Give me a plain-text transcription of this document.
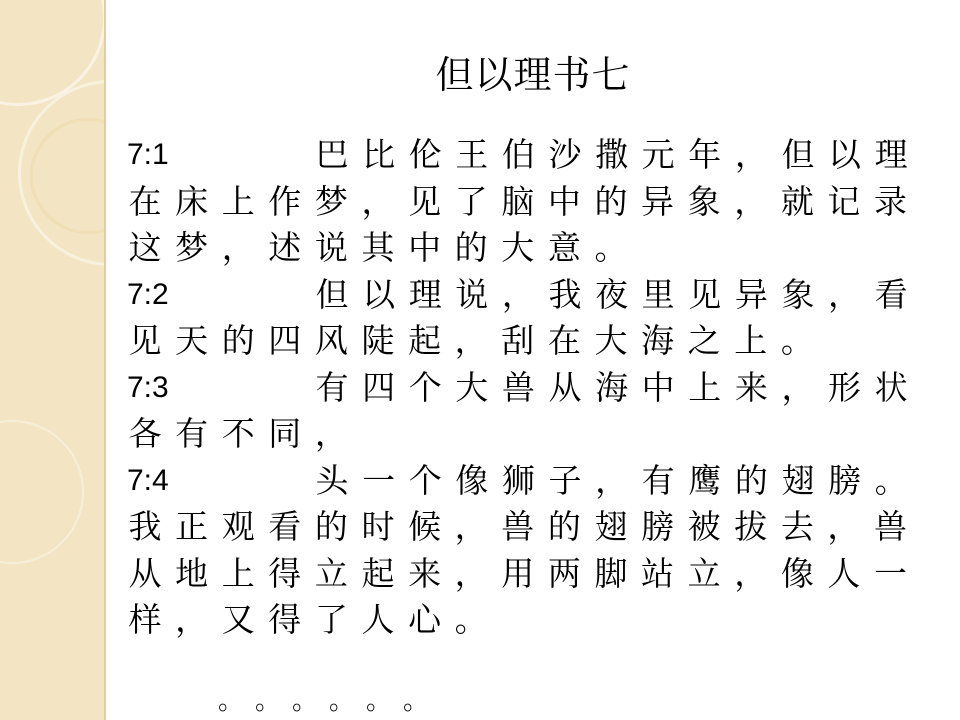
但以理书七
7:1	巴 比 伦 王 伯 沙 撒 元 年 ， 但 以 理
在 床 上 作 梦 ， 见 了 脑 中 的 异 象 ， 就 记 录
这 梦 ， 述 说 其 中 的 大 意 。
7:2	但 以 理 说 ， 我 夜 里 见 异 象 ， 看
见 天 的 四 风 陡 起 ， 刮 在 大 海 之 上 。
7:3	有 四 个 大 兽 从 海 中 上 来 ， 形 状
各 有 不 同 ，
7:4	头 一 个 像 狮 子 ， 有 鹰 的 翅 膀 。
我 正 观 看 的 时 候 ， 兽 的 翅 膀 被 拔 去 ， 兽
从 地 上 得 立 起 来 ， 用 两 脚 站 立 ， 像 人 一
样 ， 又 得 了 人 心 。
。 。 。 。 。 。
